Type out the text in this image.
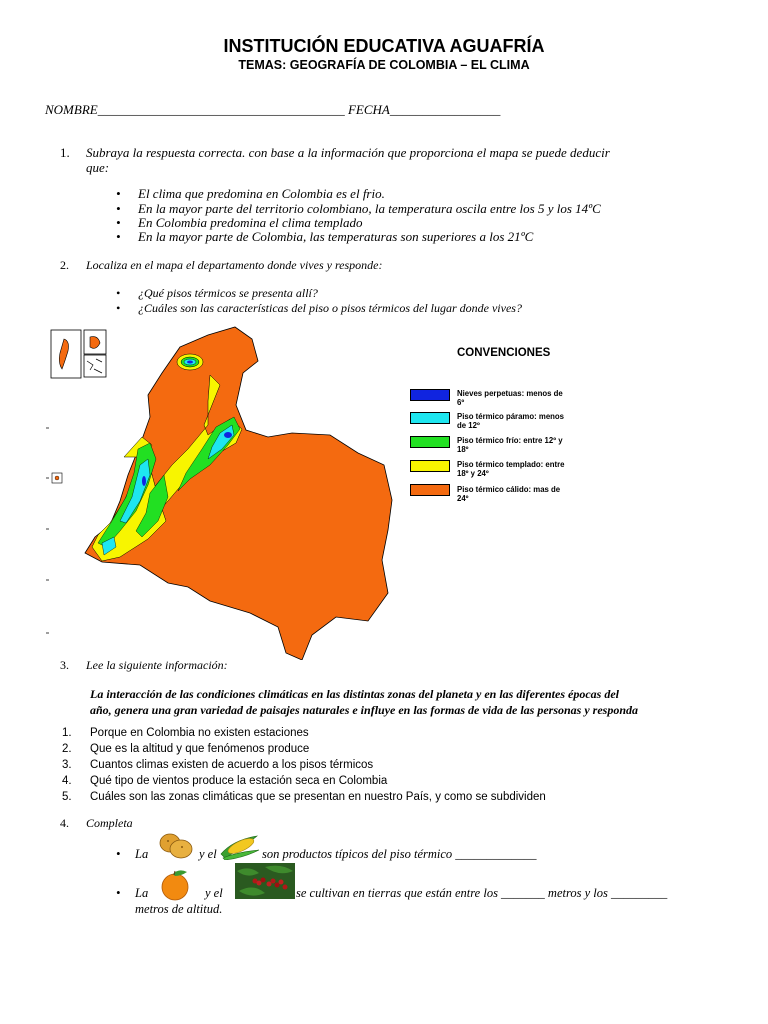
INSTITUCIÓN EDUCATIVA AGUAFRÍA
TEMAS: GEOGRAFÍA DE COLOMBIA – EL CLIMA
NOMBRE______________________________________ FECHA_________________
1. Subraya la respuesta correcta. con base a la información que proporciona el mapa se puede deducir
que:
• El clima que predomina en Colombia es el frio.
• En la mayor parte del territorio colombiano, la temperatura oscila entre los 5 y los 14ºC
• En Colombia predomina el clima templado
• En la mayor parte de Colombia, las temperaturas son superiores a los 21ºC
2. Localiza en el mapa el departamento donde vives y responde:
• ¿Qué pisos térmicos se presenta allí?
• ¿Cuáles son las características del piso o pisos térmicos del lugar donde vives?
CONVENCIONES
Nieves perpetuas: menos de
6º
Piso térmico páramo: menos
de 12º
Piso térmico frío: entre 12º y
18º
Piso térmico templado: entre
18º y 24º
Piso térmico cálido: mas de
24º
3. Lee la siguiente información:
La interacción de las condiciones climáticas en las distintas zonas del planeta y en las diferentes épocas del
año, genera una gran variedad de paisajes naturales e influye en las formas de vida de las personas y responda
1. Porque en Colombia no existen estaciones
2. Que es la altitud y que fenómenos produce
3. Cuantos climas existen de acuerdo a los pisos térmicos
4. Qué tipo de vientos produce la estación seca en Colombia
5. Cuáles son las zonas climáticas que se presentan en nuestro País, y como se subdividen
4. Completa
• La	y el	son productos típicos del piso térmico _____________
• La	y el	se cultivan en tierras que están entre los _______ metros y los _________
metros de altitud.
